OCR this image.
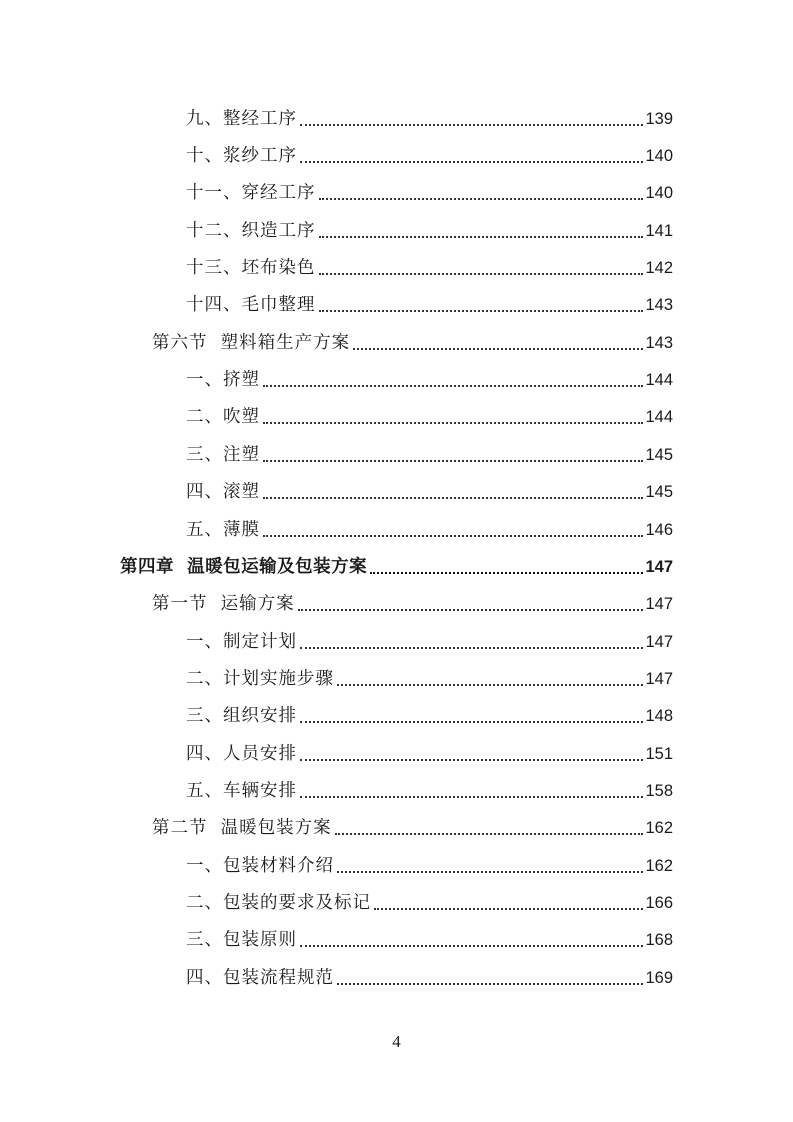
九、整经工序	139
十、浆纱工序	140
十一、穿经工序	140
十二、织造工序	141
十三、坯布染色	142
十四、毛巾整理	143
第六节  塑料箱生产方案	143
一、挤塑	144
二、吹塑	144
三、注塑	145
四、滚塑	145
五、薄膜	146
第四章  温暖包运输及包装方案	147
第一节  运输方案	147
一、制定计划	147
二、计划实施步骤	147
三、组织安排	148
四、人员安排	151
五、车辆安排	158
第二节  温暖包装方案	162
一、包装材料介绍	162
二、包装的要求及标记	166
三、包装原则	168
四、包装流程规范	169
4
